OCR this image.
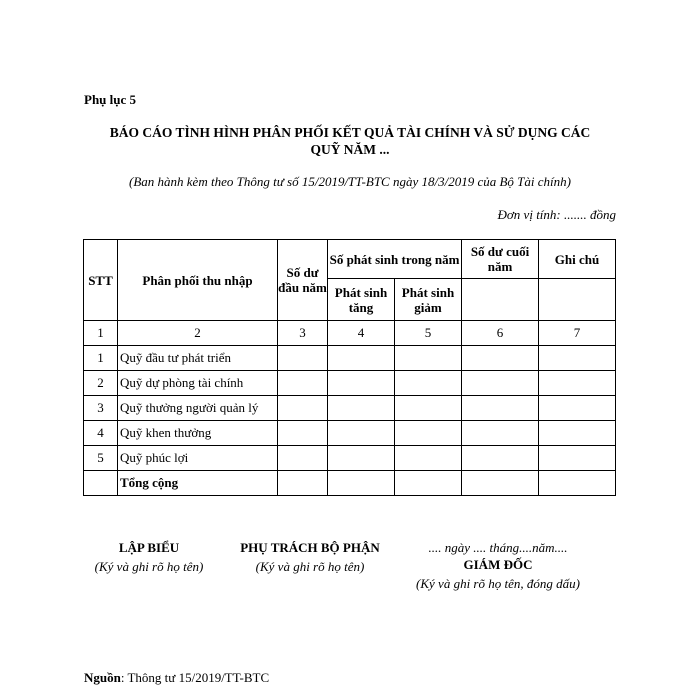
Phụ lục 5
BÁO CÁO TÌNH HÌNH PHÂN PHỐI KẾT QUẢ TÀI CHÍNH VÀ SỬ DỤNG CÁC
QUỸ NĂM ...
(Ban hành kèm theo Thông tư số 15/2019/TT-BTC ngày 18/3/2019 của Bộ Tài chính)
Đơn vị tính: ....... đồng
STT	Phân phối thu nhập	Số dư đầu năm	Số phát sinh trong năm		Số dư cuối năm	Ghi chú
			Phát sinh tăng	Phát sinh giảm		
1	2	3	4	5	6	7
1	Quỹ đầu tư phát triển					
2	Quỹ dự phòng tài chính					
3	Quỹ thưởng người quản lý					
4	Quỹ khen thưởng					
5	Quỹ phúc lợi					
	Tổng cộng					
LẬP BIỂU
(Ký và ghi rõ họ tên)
PHỤ TRÁCH BỘ PHẬN
(Ký và ghi rõ họ tên)
.... ngày .... tháng....năm....
GIÁM ĐỐC
(Ký và ghi rõ họ tên, đóng dấu)
Nguồn: Thông tư 15/2019/TT-BTC
